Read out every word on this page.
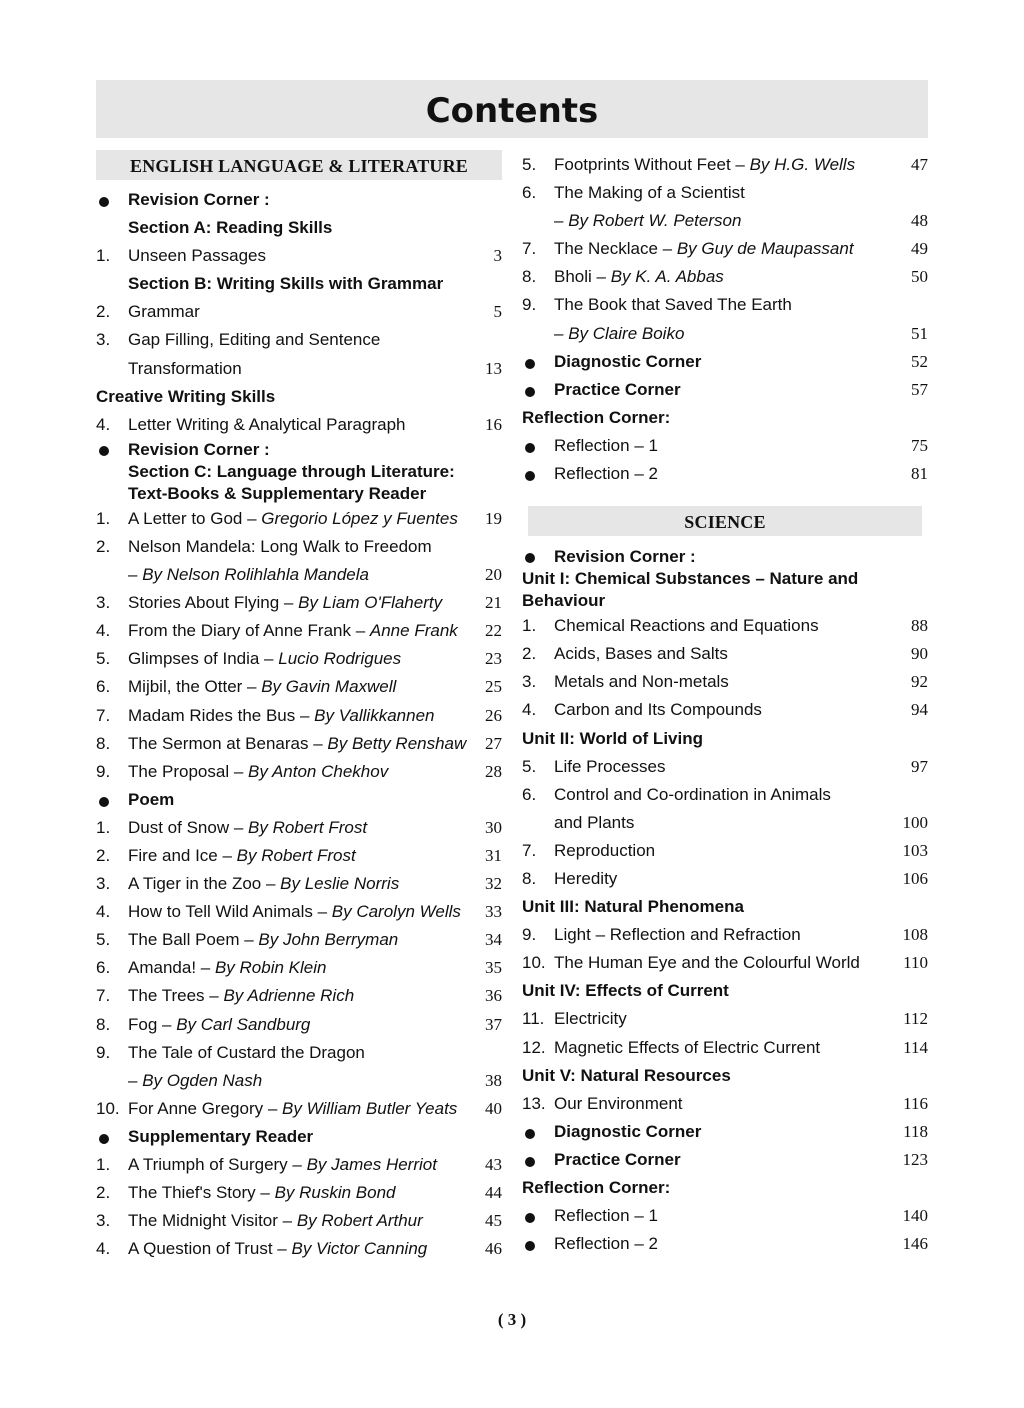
Contents
ENGLISH LANGUAGE & LITERATURE
Revision Corner :
Section A: Reading Skills
1.	Unseen Passages	3
Section B: Writing Skills with Grammar
2.	Grammar	5
3.	Gap Filling, Editing and Sentence
Transformation	13
Creative Writing Skills
4.	Letter Writing & Analytical Paragraph	16
Revision Corner :
Section C: Language through Literature:
Text-Books & Supplementary Reader
1.	A Letter to God – Gregorio López y Fuentes	19
2.	Nelson Mandela: Long Walk to Freedom
– By Nelson Rolihlahla Mandela	20
3.	Stories About Flying – By Liam O'Flaherty	21
4.	From the Diary of Anne Frank – Anne Frank	22
5.	Glimpses of India – Lucio Rodrigues	23
6.	Mijbil, the Otter – By Gavin Maxwell	25
7.	Madam Rides the Bus – By Vallikkannen	26
8.	The Sermon at Benaras – By Betty Renshaw	27
9.	The Proposal – By Anton Chekhov	28
Poem
1.	Dust of Snow – By Robert Frost	30
2.	Fire and Ice – By Robert Frost	31
3.	A Tiger in the Zoo – By Leslie Norris	32
4.	How to Tell Wild Animals – By Carolyn Wells	33
5.	The Ball Poem – By John Berryman	34
6.	Amanda! – By Robin Klein	35
7.	The Trees – By Adrienne Rich	36
8.	Fog – By Carl Sandburg	37
9.	The Tale of Custard the Dragon
– By Ogden Nash	38
10. For Anne Gregory – By William Butler Yeats	40
Supplementary Reader
1.	A Triumph of Surgery – By James Herriot	43
2.	The Thief's Story – By Ruskin Bond	44
3.	The Midnight Visitor – By Robert Arthur	45
4.	A Question of Trust – By Victor Canning	46
5.	Footprints Without Feet – By H.G. Wells	47
6.	The Making of a Scientist
– By Robert W. Peterson	48
7.	The Necklace – By Guy de Maupassant	49
8.	Bholi – By K. A. Abbas	50
9.	The Book that Saved The Earth
– By Claire Boiko	51
Diagnostic Corner	52
Practice Corner	57
Reflection Corner:
Reflection – 1	75
Reflection – 2	81
SCIENCE
Revision Corner :
Unit I: Chemical Substances – Nature and
Behaviour
1.	Chemical Reactions and Equations	88
2.	Acids, Bases and Salts	90
3.	Metals and Non-metals	92
4.	Carbon and Its Compounds	94
Unit II: World of Living
5.	Life Processes	97
6.	Control and Co-ordination in Animals
and Plants	100
7.	Reproduction	103
8.	Heredity	106
Unit III: Natural Phenomena
9.	Light – Reflection and Refraction	108
10. The Human Eye and the Colourful World	110
Unit IV: Effects of Current
11. Electricity	112
12. Magnetic Effects of Electric Current	114
Unit V: Natural Resources
13. Our Environment	116
Diagnostic Corner	118
Practice Corner	123
Reflection Corner:
Reflection – 1	140
Reflection – 2	146
( 3 )
